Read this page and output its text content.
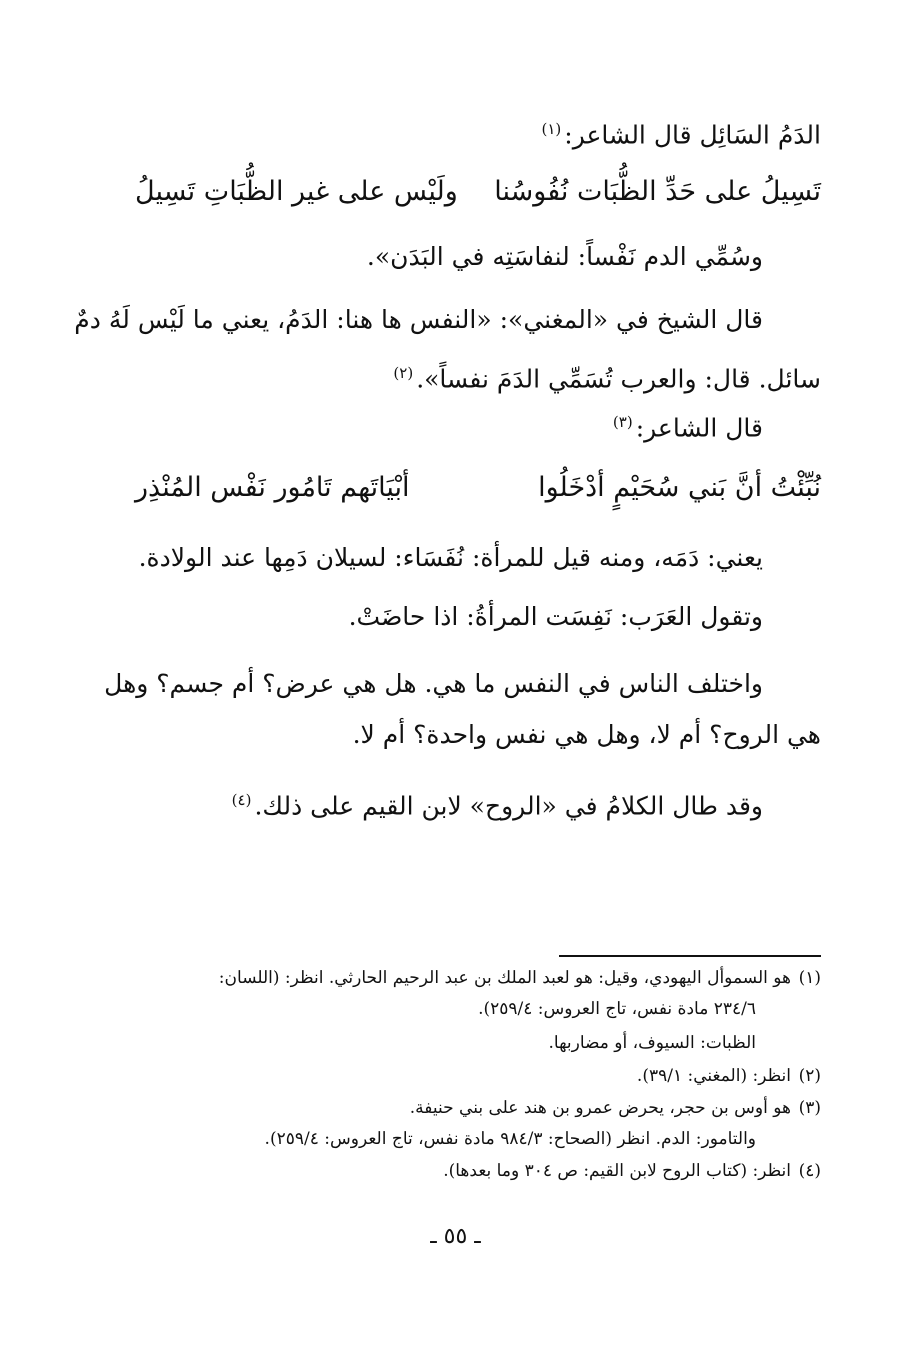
الدَمُ السَائِل قال الشاعر:$^{(١)}$
تَسِيلُ على حَدِّ الظُّبَات نُفُوسُنا
ولَيْس على غير الظُّبَاتِ تَسِيلُ
وسُمِّي الدم نَفْساً: لنفاسَتِه في البَدَن».
قال الشيخ في «المغني»: «النفس ها هنا: الدَمُ، يعني ما لَيْس لَهُ دمٌ
سائل. قال: والعرب تُسَمِّي الدَمَ نفساً».$^{(٢)}$
قال الشاعر:$^{(٣)}$
نُبِّئْتُ أنَّ بَني سُحَيْمٍ أدْخَلُوا
أبْيَاتَهم تَامُور نَفْس المُنْذِر
يعني: دَمَه، ومنه قيل للمرأة: نُفَسَاء: لسيلان دَمِها عند الولادة.
وتقول العَرَب: نَفِسَت المرأةُ: اذا حاضَتْ.
واختلف الناس في النفس ما هي. هل هي عرض؟ أم جسم؟ وهل
هي الروح؟ أم لا، وهل هي نفس واحدة؟ أم لا.
وقد طال الكلامُ في «الروح» لابن القيم على ذلك.$^{(٤)}$
(١)هو السموأل اليهودي، وقيل: هو لعبد الملك بن عبد الرحيم الحارثي. انظر: (اللسان:
٢٣٤/٦ مادة نفس، تاج العروس: ٢٥٩/٤).
الظبات: السيوف، أو مضاربها.
(٢)انظر: (المغني: ٣٩/١).
(٣)هو أوس بن حجر، يحرض عمرو بن هند على بني حنيفة.
والتامور: الدم. انظر (الصحاح: ٩٨٤/٣ مادة نفس، تاج العروس: ٢٥٩/٤).
(٤)انظر: (كتاب الروح لابن القيم: ص ٣٠٤ وما بعدها).
ـ ٥٥ ـ
